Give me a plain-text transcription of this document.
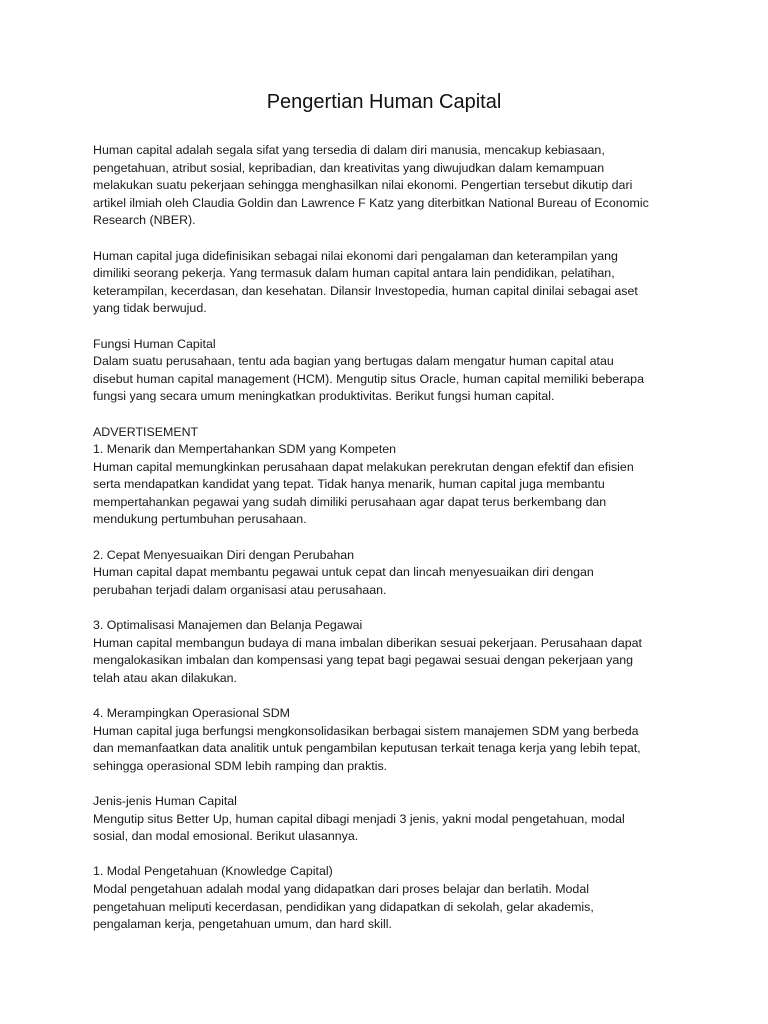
Pengertian Human Capital

Human capital adalah segala sifat yang tersedia di dalam diri manusia, mencakup kebiasaan,
pengetahuan, atribut sosial, kepribadian, dan kreativitas yang diwujudkan dalam kemampuan
melakukan suatu pekerjaan sehingga menghasilkan nilai ekonomi. Pengertian tersebut dikutip dari
artikel ilmiah oleh Claudia Goldin dan Lawrence F Katz yang diterbitkan National Bureau of Economic
Research (NBER).

Human capital juga didefinisikan sebagai nilai ekonomi dari pengalaman dan keterampilan yang
dimiliki seorang pekerja. Yang termasuk dalam human capital antara lain pendidikan, pelatihan,
keterampilan, kecerdasan, dan kesehatan. Dilansir Investopedia, human capital dinilai sebagai aset
yang tidak berwujud.

Fungsi Human Capital
Dalam suatu perusahaan, tentu ada bagian yang bertugas dalam mengatur human capital atau
disebut human capital management (HCM). Mengutip situs Oracle, human capital memiliki beberapa
fungsi yang secara umum meningkatkan produktivitas. Berikut fungsi human capital.

ADVERTISEMENT
1. Menarik dan Mempertahankan SDM yang Kompeten
Human capital memungkinkan perusahaan dapat melakukan perekrutan dengan efektif dan efisien
serta mendapatkan kandidat yang tepat. Tidak hanya menarik, human capital juga membantu
mempertahankan pegawai yang sudah dimiliki perusahaan agar dapat terus berkembang dan
mendukung pertumbuhan perusahaan.

2. Cepat Menyesuaikan Diri dengan Perubahan
Human capital dapat membantu pegawai untuk cepat dan lincah menyesuaikan diri dengan
perubahan terjadi dalam organisasi atau perusahaan.

3. Optimalisasi Manajemen dan Belanja Pegawai
Human capital membangun budaya di mana imbalan diberikan sesuai pekerjaan. Perusahaan dapat
mengalokasikan imbalan dan kompensasi yang tepat bagi pegawai sesuai dengan pekerjaan yang
telah atau akan dilakukan.

4. Merampingkan Operasional SDM
Human capital juga berfungsi mengkonsolidasikan berbagai sistem manajemen SDM yang berbeda
dan memanfaatkan data analitik untuk pengambilan keputusan terkait tenaga kerja yang lebih tepat,
sehingga operasional SDM lebih ramping dan praktis.

Jenis-jenis Human Capital
Mengutip situs Better Up, human capital dibagi menjadi 3 jenis, yakni modal pengetahuan, modal
sosial, dan modal emosional. Berikut ulasannya.

1. Modal Pengetahuan (Knowledge Capital)
Modal pengetahuan adalah modal yang didapatkan dari proses belajar dan berlatih. Modal
pengetahuan meliputi kecerdasan, pendidikan yang didapatkan di sekolah, gelar akademis,
pengalaman kerja, pengetahuan umum, dan hard skill.
